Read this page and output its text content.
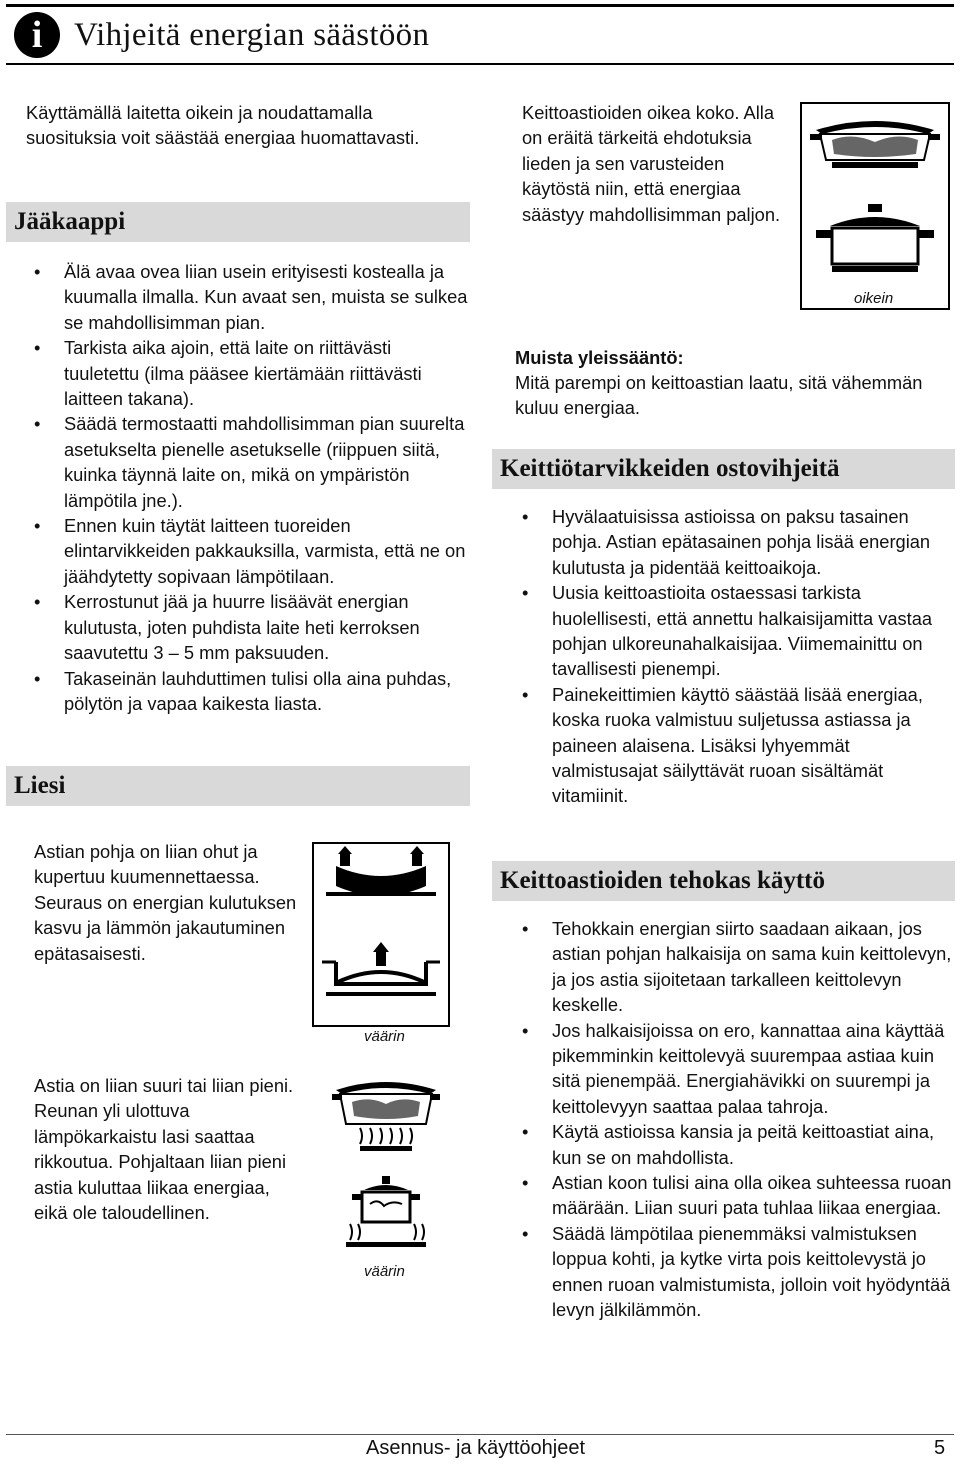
i Vihjeitä energian säästöön
Käyttämällä laitetta oikein ja noudattamalla suosituksia voit säästää energiaa huomattavasti.
Jääkaappi
• Älä avaa ovea liian usein erityisesti kostealla ja kuumalla ilmalla. Kun avaat sen, muista se sulkea se mahdollisimman pian.
• Tarkista aika ajoin, että laite on riittävästi tuuletettu (ilma pääsee kiertämään riittävästi laitteen takana).
• Säädä termostaatti mahdollisimman pian suurelta asetukselta pienelle asetukselle (riippuen siitä, kuinka täynnä laite on, mikä on ympäristön lämpötila jne.).
• Ennen kuin täytät laitteen tuoreiden elintarvikkeiden pakkauksilla, varmista, että ne on jäähdytetty sopivaan lämpötilaan.
• Kerrostunut jää ja huurre lisäävät energian kulutusta, joten puhdista laite heti kerroksen saavutettu 3 – 5 mm paksuuden.
• Takaseinän lauhduttimen tulisi olla aina puhdas, pölytön ja vapaa kaikesta liasta.
Liesi
Astian pohja on liian ohut ja kupertuu kuumennettaessa. Seuraus on energian kulutuksen kasvu ja lämmön jakautuminen epätasaisesti.
Astia on liian suuri tai liian pieni. Reunan yli ulottuva lämpökarkaistu lasi saattaa rikkoutua. Pohjaltaan liian pieni astia kuluttaa liikaa energiaa, eikä ole taloudellinen.
väärin
väärin
Keittoastioiden oikea koko. Alla on eräitä tärkeitä ehdotuksia lieden ja sen varusteiden käytöstä niin, että energiaa säästyy mahdollisimman paljon.
oikein
Muista yleissääntö:
Mitä parempi on keittoastian laatu, sitä vähemmän kuluu energiaa.
Keittiötarvikkeiden ostovihjeitä
• Hyvälaatuisissa astioissa on paksu tasainen pohja. Astian epätasainen pohja lisää energian kulutusta ja pidentää keittoaikoja.
• Uusia keittoastioita ostaessasi tarkista huolellisesti, että annettu halkaisijamitta vastaa pohjan ulkoreunahalkaisijaa. Viimemainittu on tavallisesti pienempi.
• Painekeittimien käyttö säästää lisää energiaa, koska ruoka valmistuu suljetussa astiassa ja paineen alaisena. Lisäksi lyhyemmät valmistusajat säilyttävät ruoan sisältämät vitamiinit.
Keittoastioiden tehokas käyttö
• Tehokkain energian siirto saadaan aikaan, jos astian pohjan halkaisija on sama kuin keittolevyn, ja jos astia sijoitetaan tarkalleen keittolevyn keskelle.
• Jos halkaisijoissa on ero, kannattaa aina käyttää pikemminkin keittolevyä suurempaa astiaa kuin sitä pienempää. Energiahävikki on suurempi ja keittolevyyn saattaa palaa tahroja.
• Käytä astioissa kansia ja peitä keittoastiat aina, kun se on mahdollista.
• Astian koon tulisi aina olla oikea suhteessa ruoan määrään. Liian suuri pata tuhlaa liikaa energiaa.
• Säädä lämpötilaa pienemmäksi valmistuksen loppua kohti, ja kytke virta pois keittolevystä jo ennen ruoan valmistumista, jolloin voit hyödyntää levyn jälkilämmön.
Asennus- ja käyttöohjeet	5
